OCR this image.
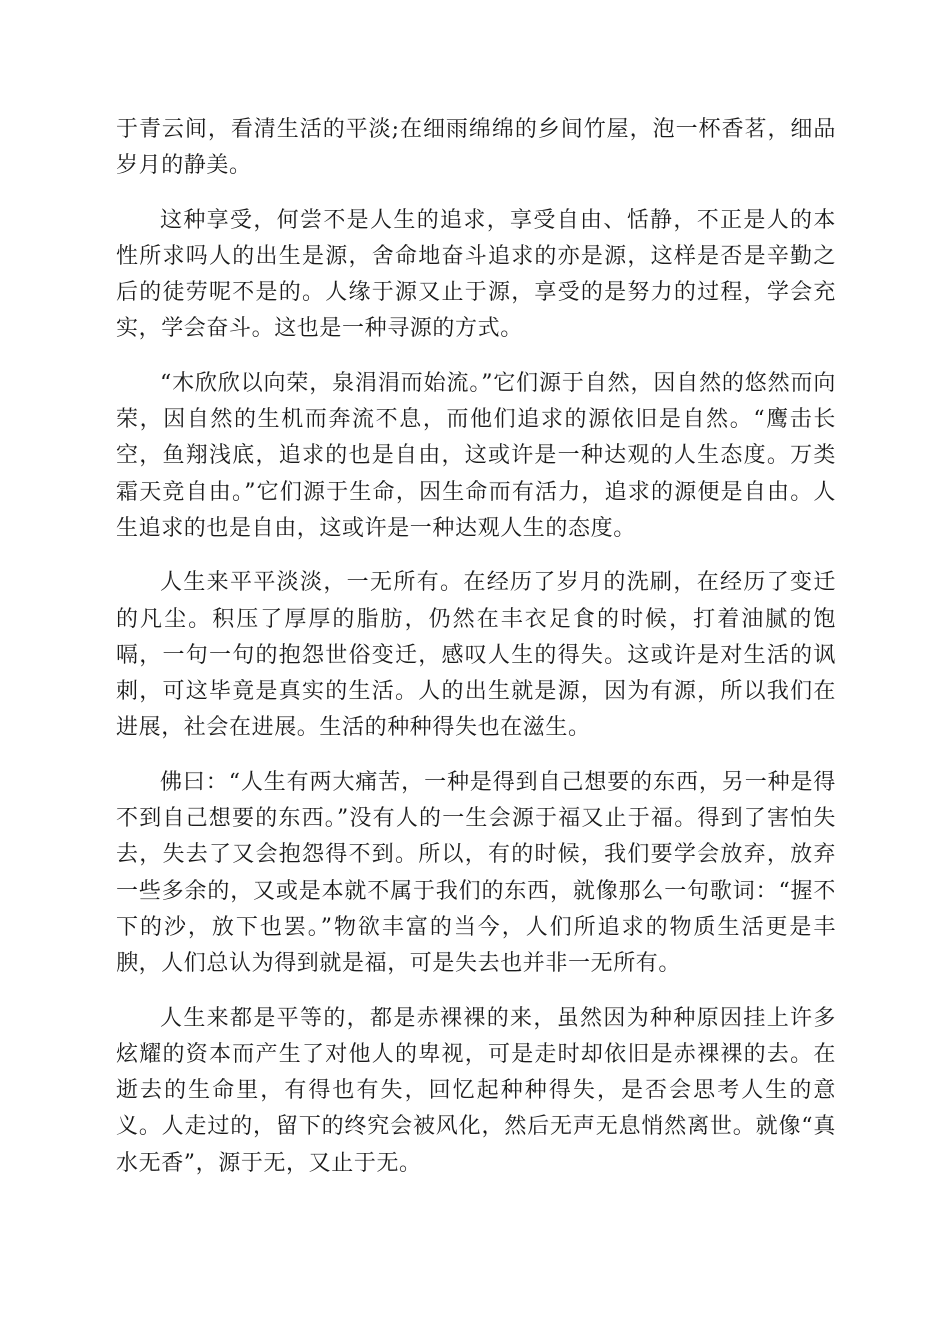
于青云间，看清生活的平淡;在细雨绵绵的乡间竹屋，泡一杯香茗，细品岁月的静美。

这种享受，何尝不是人生的追求，享受自由、恬静，不正是人的本性所求吗人的出生是源，舍命地奋斗追求的亦是源，这样是否是辛勤之后的徒劳呢不是的。人缘于源又止于源，享受的是努力的过程，学会充实，学会奋斗。这也是一种寻源的方式。

“木欣欣以向荣，泉涓涓而始流。”它们源于自然，因自然的悠然而向荣，因自然的生机而奔流不息，而他们追求的源依旧是自然。“鹰击长空，鱼翔浅底，追求的也是自由，这或许是一种达观的人生态度。万类霜天竞自由。”它们源于生命，因生命而有活力，追求的源便是自由。人生追求的也是自由，这或许是一种达观人生的态度。

人生来平平淡淡，一无所有。在经历了岁月的洗刷，在经历了变迁的凡尘。积压了厚厚的脂肪，仍然在丰衣足食的时候，打着油腻的饱嗝，一句一句的抱怨世俗变迁，感叹人生的得失。这或许是对生活的讽刺，可这毕竟是真实的生活。人的出生就是源，因为有源，所以我们在进展，社会在进展。生活的种种得失也在滋生。

佛曰：“人生有两大痛苦，一种是得到自己想要的东西，另一种是得不到自己想要的东西。”没有人的一生会源于福又止于福。得到了害怕失去，失去了又会抱怨得不到。所以，有的时候，我们要学会放弃，放弃一些多余的，又或是本就不属于我们的东西，就像那么一句歌词：“握不下的沙，放下也罢。”物欲丰富的当今，人们所追求的物质生活更是丰腴，人们总认为得到就是福，可是失去也并非一无所有。

人生来都是平等的，都是赤裸裸的来，虽然因为种种原因挂上许多炫耀的资本而产生了对他人的卑视，可是走时却依旧是赤裸裸的去。在逝去的生命里，有得也有失，回忆起种种得失，是否会思考人生的意义。人走过的，留下的终究会被风化，然后无声无息悄然离世。就像“真水无香”，源于无，又止于无。
